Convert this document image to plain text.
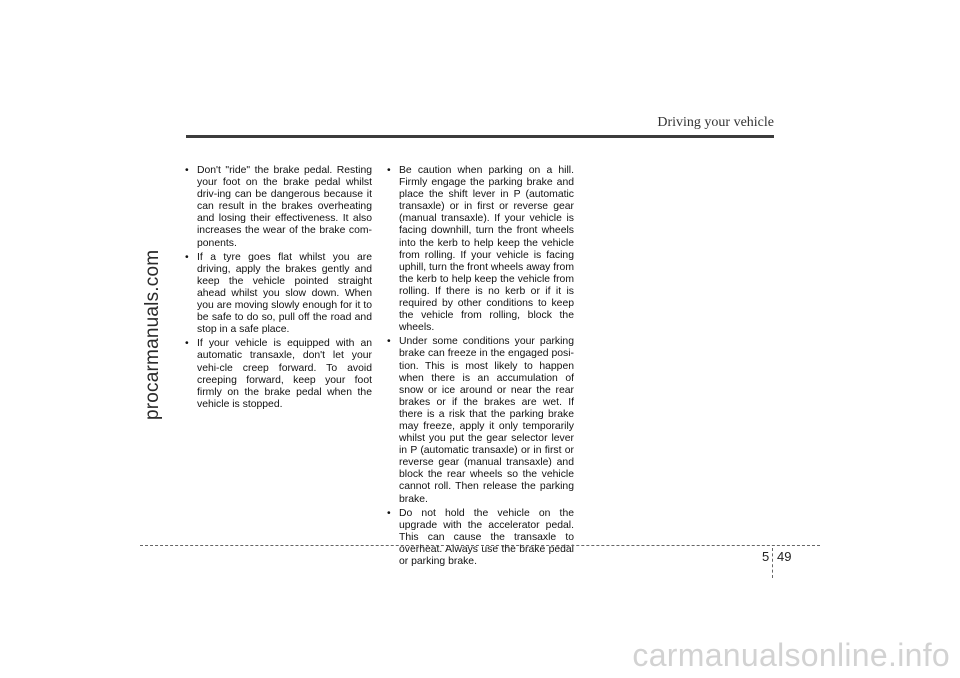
procarmanuals.com
Driving your vehicle
• Don't "ride" the brake pedal. Resting your foot on the brake pedal whilst driv-ing can be dangerous because it can result in the brakes overheating and losing their effectiveness. It also increases the wear of the brake com-ponents.
• If a tyre goes flat whilst you are driving, apply the brakes gently and keep the vehicle pointed straight ahead whilst you slow down. When you are moving slowly enough for it to be safe to do so, pull off the road and stop in a safe place.
• If your vehicle is equipped with an automatic transaxle, don't let your vehi-cle creep forward. To avoid creeping forward, keep your foot firmly on the brake pedal when the vehicle is stopped.
• Be caution when parking on a hill. Firmly engage the parking brake and place the shift lever in P (automatic transaxle) or in first or reverse gear (manual transaxle). If your vehicle is facing downhill, turn the front wheels into the kerb to help keep the vehicle from rolling. If your vehicle is facing uphill, turn the front wheels away from the kerb to help keep the vehicle from rolling. If there is no kerb or if it is required by other conditions to keep the vehicle from rolling, block the wheels.
• Under some conditions your parking brake can freeze in the engaged posi-tion. This is most likely to happen when there is an accumulation of snow or ice around or near the rear brakes or if the brakes are wet. If there is a risk that the parking brake may freeze, apply it only temporarily whilst you put the gear selector lever in P (automatic transaxle) or in first or reverse gear (manual transaxle) and block the rear wheels so the vehicle cannot roll. Then release the parking brake.
• Do not hold the vehicle on the upgrade with the accelerator pedal. This can cause the transaxle to overheat. Always use the brake pedal or parking brake.	5 49
carmanualsonline.info
